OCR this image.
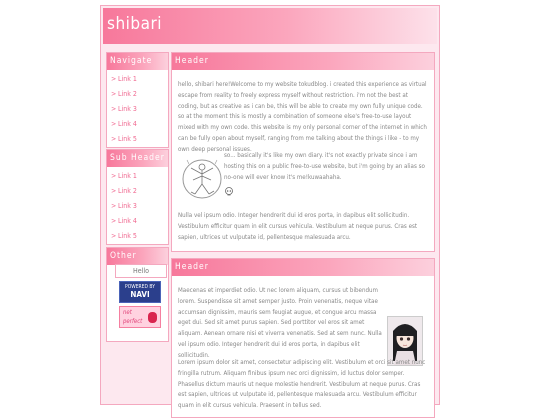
shibari
Navigate
> Link 1
> Link 2
> Link 3
> Link 4
> Link 5
Sub Header
> Link 1
> Link 2
> Link 3
> Link 4
> Link 5
Other
Hello
POWERED BY
NAVI
net
perfect
Header

hello, shibari here!Welcome to my website tokudblog. i created this experience as virtual escape from reality to freely express myself without restriction. i'm not the best at coding, but as creative as i can be, this will be able to create my own fully unique code. so at the moment this is mostly a combination of someone else's free-to-use layout mixed with my own code. this website is my only personal corner of the internet in which can be fully open about myself, ranging from me talking about the things i like - to my own deep personal issues.

so... basically it's like my own diary. it's not exactly private since i am hosting this on a public free-to-use website, but i'm going by an alias so no-one will ever know it's me!kuwaahaha.

Nulla vel ipsum odio. Integer hendrerit dui id eros porta, in dapibus elit sollicitudin. Vestibulum efficitur quam in elit cursus vehicula. Vestibulum at neque purus. Cras est sapien, ultrices ut vulputate id, pellentesque malesuada arcu.

Header

Maecenas et imperdiet odio. Ut nec lorem aliquam, cursus ut bibendum lorem. Suspendisse sit amet semper justo. Proin venenatis, neque vitae accumsan dignissim, mauris sem feugiat augue, et congue arcu massa eget dui. Sed sit amet purus sapien. Sed porttitor vel eros sit amet aliquam. Aenean ornare nisi et viverra venenatis. Sed at sem nunc. Nulla vel ipsum odio. Integer hendrerit dui id eros porta, in dapibus elit sollicitudin.

Lorem ipsum dolor sit amet, consectetur adipiscing elit. Vestibulum et orci sit amet nunc fringilla rutrum. Aliquam finibus ipsum nec orci dignissim, id luctus dolor semper. Phasellus dictum mauris ut neque molestie hendrerit. Vestibulum at neque purus. Cras est sapien, ultrices ut vulputate id, pellentesque malesuada arcu. Vestibulum efficitur quam in elit cursus vehicula. Praesent in tellus sed.
